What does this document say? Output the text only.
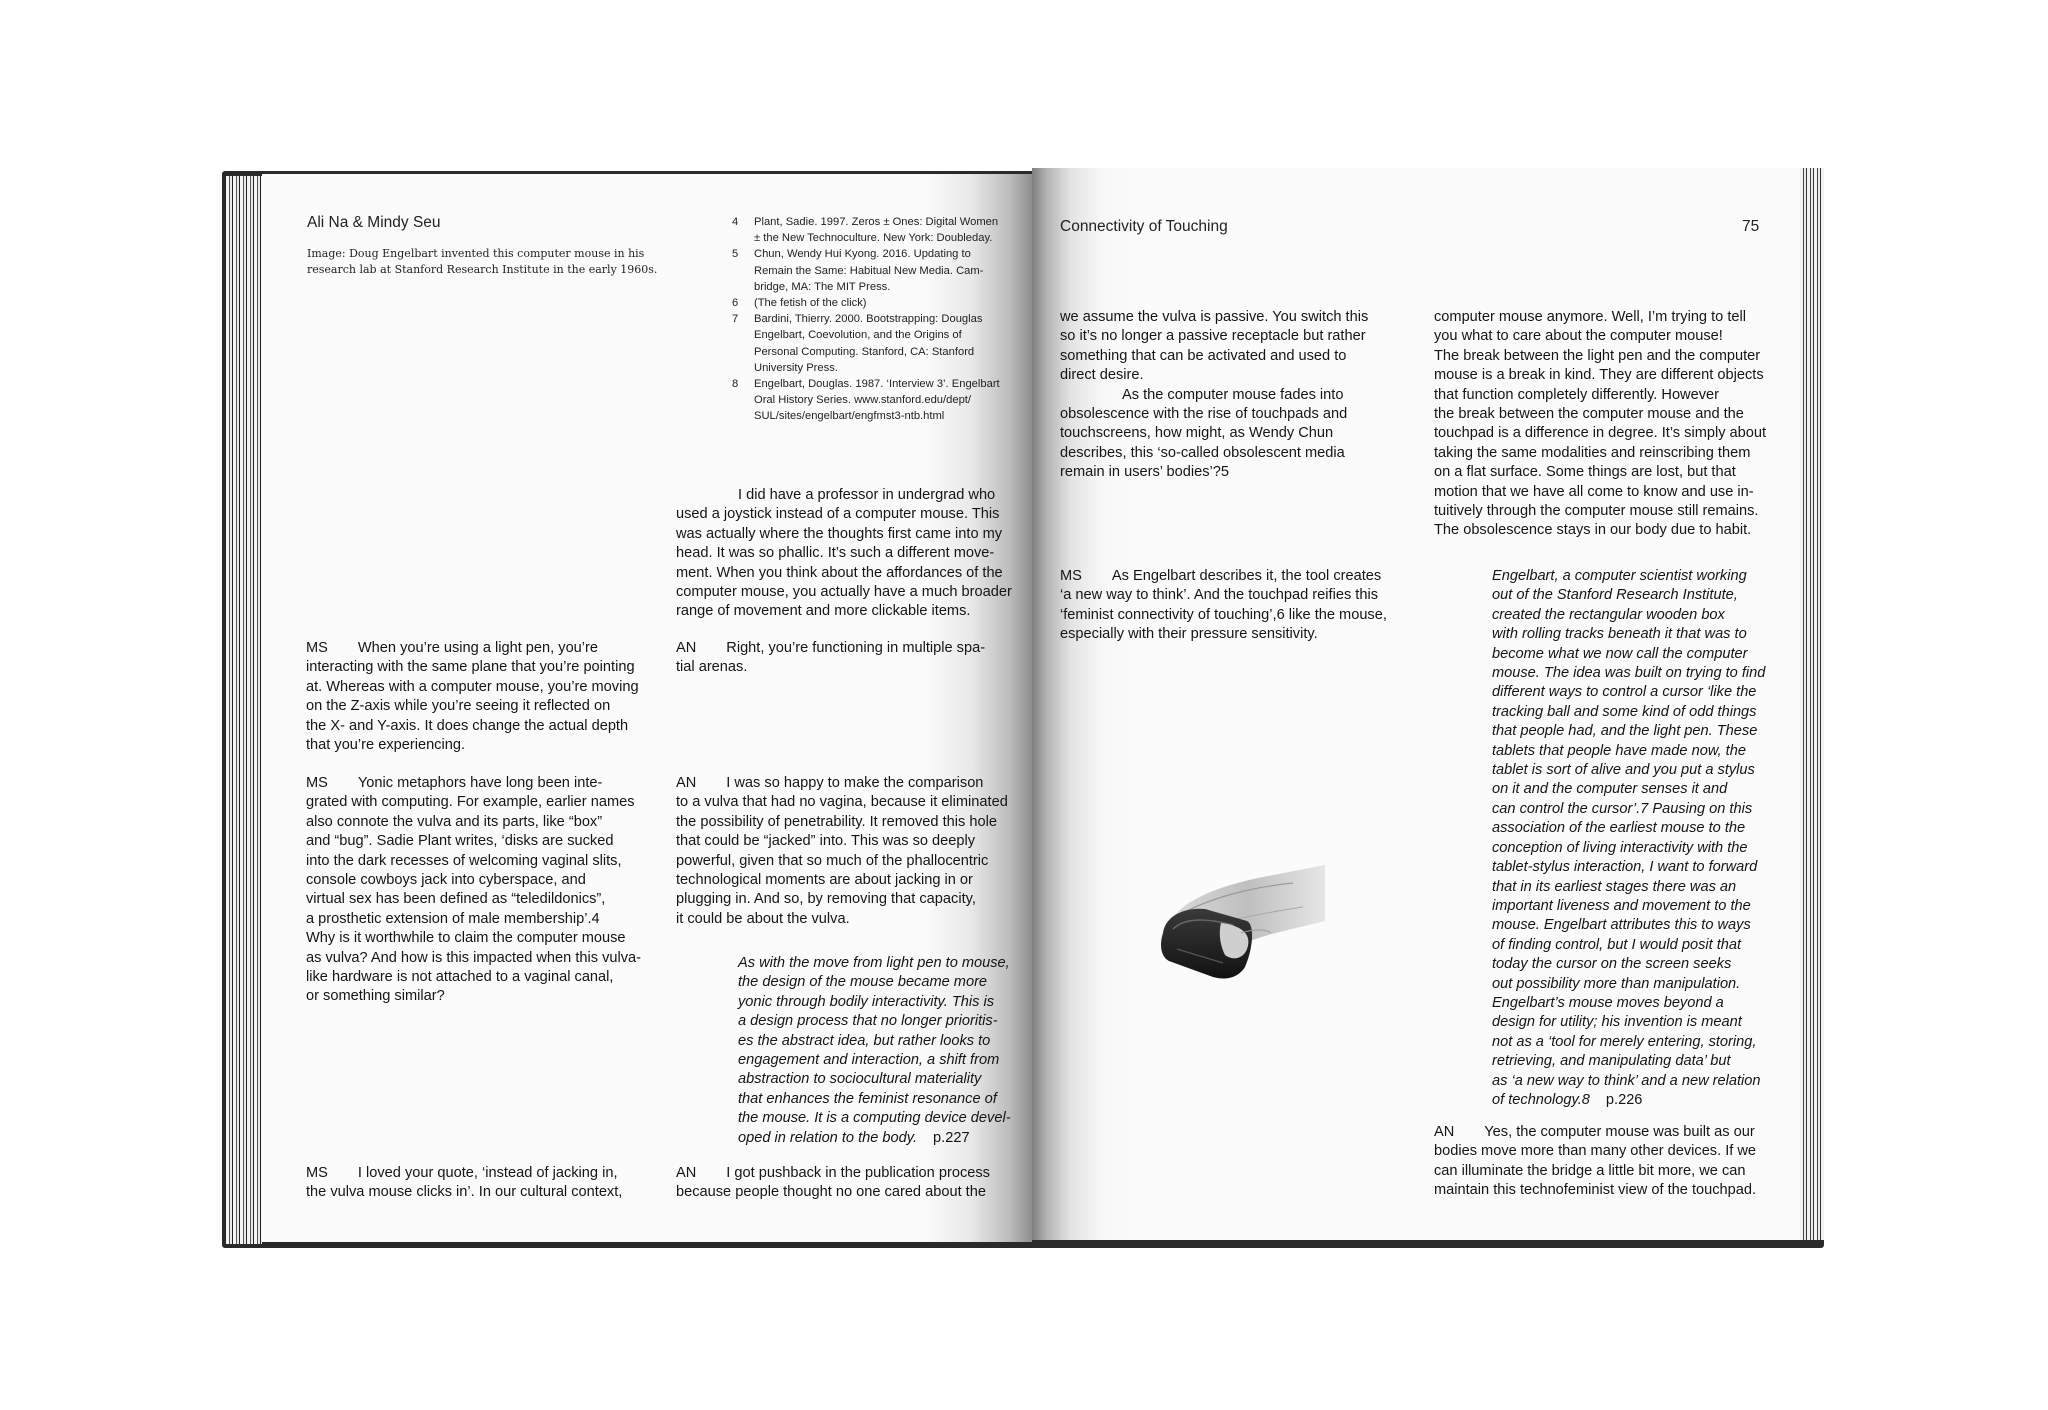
Ali Na & Mindy Seu
Image: Doug Engelbart invented this computer mouse in his
research lab at Stanford Research Institute in the early 1960s.
4	Plant, Sadie. 1997. Zeros ± Ones: Digital Women
± the New Technoculture. New York: Doubleday.
5	Chun, Wendy Hui Kyong. 2016. Updating to
Remain the Same: Habitual New Media. Cam-
bridge, MA: The MIT Press.
6	(The fetish of the click)
7	Bardini, Thierry. 2000. Bootstrapping: Douglas
Engelbart, Coevolution, and the Origins of
Personal Computing. Stanford, CA: Stanford
University Press.
8	Engelbart, Douglas. 1987. ‘Interview 3’. Engelbart
Oral History Series. www.stanford.edu/dept/
SUL/sites/engelbart/engfmst3-ntb.html
I did have a professor in undergrad who
used a joystick instead of a computer mouse. This
was actually where the thoughts first came into my
head. It was so phallic. It’s such a different move-
ment. When you think about the affordances of the
computer mouse, you actually have a much broader
range of movement and more clickable items.
MS When you’re using a light pen, you’re
interacting with the same plane that you’re pointing
at. Whereas with a computer mouse, you’re moving
on the Z-axis while you’re seeing it reflected on
the X- and Y-axis. It does change the actual depth
that you’re experiencing.
AN Right, you’re functioning in multiple spa-
tial arenas.
MS Yonic metaphors have long been inte-
grated with computing. For example, earlier names
also connote the vulva and its parts, like “box”
and “bug”. Sadie Plant writes, ‘disks are sucked
into the dark recesses of welcoming vaginal slits,
console cowboys jack into cyberspace, and
virtual sex has been defined as “teledildonics”,
a prosthetic extension of male membership’.4
Why is it worthwhile to claim the computer mouse
as vulva? And how is this impacted when this vulva-
like hardware is not attached to a vaginal canal,
or something similar?
AN I was so happy to make the comparison
to a vulva that had no vagina, because it eliminated
the possibility of penetrability. It removed this hole
that could be “jacked” into. This was so deeply
powerful, given that so much of the phallocentric
technological moments are about jacking in or
plugging in. And so, by removing that capacity,
it could be about the vulva.
As with the move from light pen to mouse,
the design of the mouse became more
yonic through bodily interactivity. This is
a design process that no longer prioritis-
es the abstract idea, but rather looks to
engagement and interaction, a shift from
abstraction to sociocultural materiality
that enhances the feminist resonance of
the mouse. It is a computing device devel-
oped in relation to the body. p.227
MS I loved your quote, ‘instead of jacking in,
the vulva mouse clicks in’. In our cultural context,
AN I got pushback in the publication process
because people thought no one cared about the
Connectivity of Touching	75
we assume the vulva is passive. You switch this
so it’s no longer a passive receptacle but rather
something that can be activated and used to
direct desire.
As the computer mouse fades into
obsolescence with the rise of touchpads and
touchscreens, how might, as Wendy Chun
describes, this ‘so-called obsolescent media
remain in users’ bodies’?5
MS As Engelbart describes it, the tool creates
‘a new way to think’. And the touchpad reifies this
‘feminist connectivity of touching’,6 like the mouse,
especially with their pressure sensitivity.
computer mouse anymore. Well, I’m trying to tell
you what to care about the computer mouse!
The break between the light pen and the computer
mouse is a break in kind. They are different objects
that function completely differently. However
the break between the computer mouse and the
touchpad is a difference in degree. It’s simply about
taking the same modalities and reinscribing them
on a flat surface. Some things are lost, but that
motion that we have all come to know and use in-
tuitively through the computer mouse still remains.
The obsolescence stays in our body due to habit.
Engelbart, a computer scientist working
out of the Stanford Research Institute,
created the rectangular wooden box
with rolling tracks beneath it that was to
become what we now call the computer
mouse. The idea was built on trying to find
different ways to control a cursor ‘like the
tracking ball and some kind of odd things
that people had, and the light pen. These
tablets that people have made now, the
tablet is sort of alive and you put a stylus
on it and the computer senses it and
can control the cursor’.7 Pausing on this
association of the earliest mouse to the
conception of living interactivity with the
tablet-stylus interaction, I want to forward
that in its earliest stages there was an
important liveness and movement to the
mouse. Engelbart attributes this to ways
of finding control, but I would posit that
today the cursor on the screen seeks
out possibility more than manipulation.
Engelbart’s mouse moves beyond a
design for utility; his invention is meant
not as a ‘tool for merely entering, storing,
retrieving, and manipulating data’ but
as ‘a new way to think’ and a new relation
of technology.8 p.226
AN Yes, the computer mouse was built as our
bodies move more than many other devices. If we
can illuminate the bridge a little bit more, we can
maintain this technofeminist view of the touchpad.
